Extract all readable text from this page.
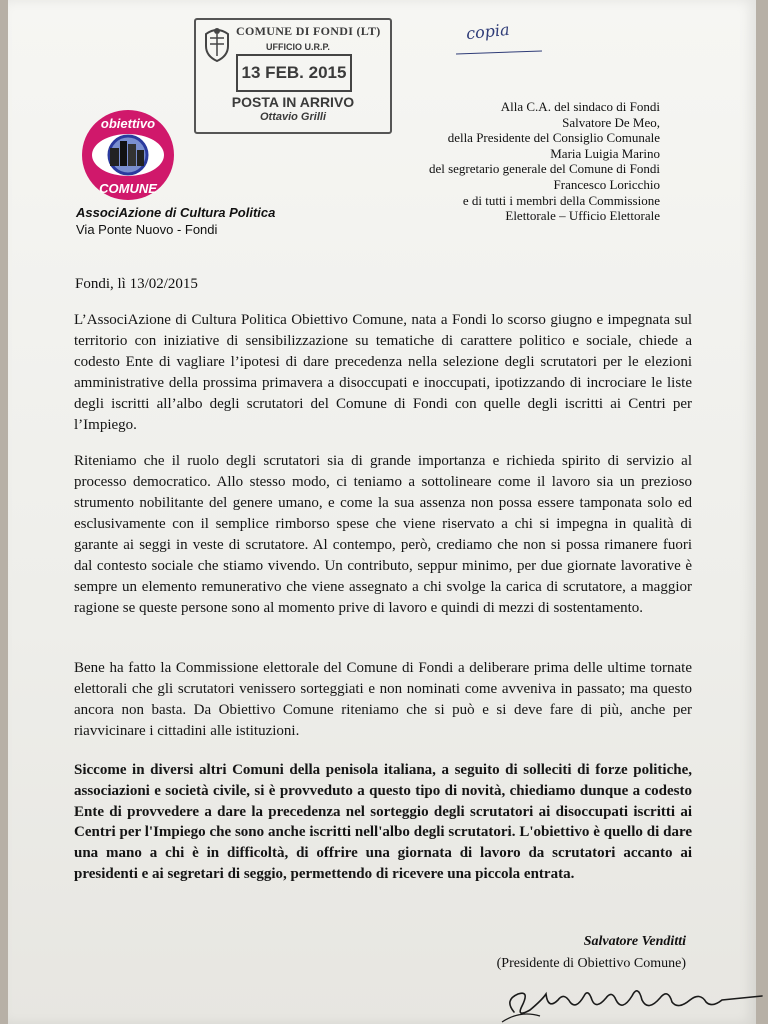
COMUNE DI FONDI (LT)
UFFICIO U.R.P.
13 FEB. 2015
POSTA IN ARRIVO
Ottavio Grilli
copia
obiettivo
COMUNE
AssociAzione di Cultura Politica
Via Ponte Nuovo - Fondi
Alla C.A. del sindaco di Fondi
Salvatore De Meo,
della Presidente del Consiglio Comunale
Maria Luigia Marino
del segretario generale del Comune di Fondi
Francesco Loricchio
e di tutti i membri della Commissione
Elettorale – Ufficio Elettorale
Fondi, lì 13/02/2015

L’AssociAzione di Cultura Politica Obiettivo Comune, nata a Fondi lo scorso giugno e impegnata sul territorio con iniziative di sensibilizzazione su tematiche di carattere politico e sociale, chiede a codesto Ente di vagliare l’ipotesi di dare precedenza nella selezione degli scrutatori per le elezioni amministrative della prossima primavera a disoccupati e inoccupati, ipotizzando di incrociare le liste degli iscritti all’albo degli scrutatori del Comune di Fondi con quelle degli iscritti ai Centri per l’Impiego.

Riteniamo che il ruolo degli scrutatori sia di grande importanza e richieda spirito di servizio al processo democratico. Allo stesso modo, ci teniamo a sottolineare come il lavoro sia un prezioso strumento nobilitante del genere umano, e come la sua assenza non possa essere tamponata solo ed esclusivamente con il semplice rimborso spese che viene riservato a chi si impegna in qualità di garante ai seggi in veste di scrutatore. Al contempo, però, crediamo che non si possa rimanere fuori dal contesto sociale che stiamo vivendo. Un contributo, seppur minimo, per due giornate lavorative è sempre un elemento remunerativo che viene assegnato a chi svolge la carica di scrutatore, a maggior ragione se queste persone sono al momento prive di lavoro e quindi di mezzi di sostentamento.

Bene ha fatto la Commissione elettorale del Comune di Fondi a deliberare prima delle ultime tornate elettorali che gli scrutatori venissero sorteggiati e non nominati come avveniva in passato; ma questo ancora non basta. Da Obiettivo Comune riteniamo che si può e si deve fare di più, anche per riavvicinare i cittadini alle istituzioni.

Siccome in diversi altri Comuni della penisola italiana, a seguito di solleciti di forze politiche, associazioni e società civile, si è provveduto a questo tipo di novità, chiediamo dunque a codesto Ente di provvedere a dare la precedenza nel sorteggio degli scrutatori ai disoccupati iscritti ai Centri per l'Impiego che sono anche iscritti nell'albo degli scrutatori. L'obiettivo è quello di dare una mano a chi è in difficoltà, di offrire una giornata di lavoro da scrutatori accanto ai presidenti e ai segretari di seggio, permettendo di ricevere una piccola entrata.

Salvatore Venditti
(Presidente di Obiettivo Comune)
